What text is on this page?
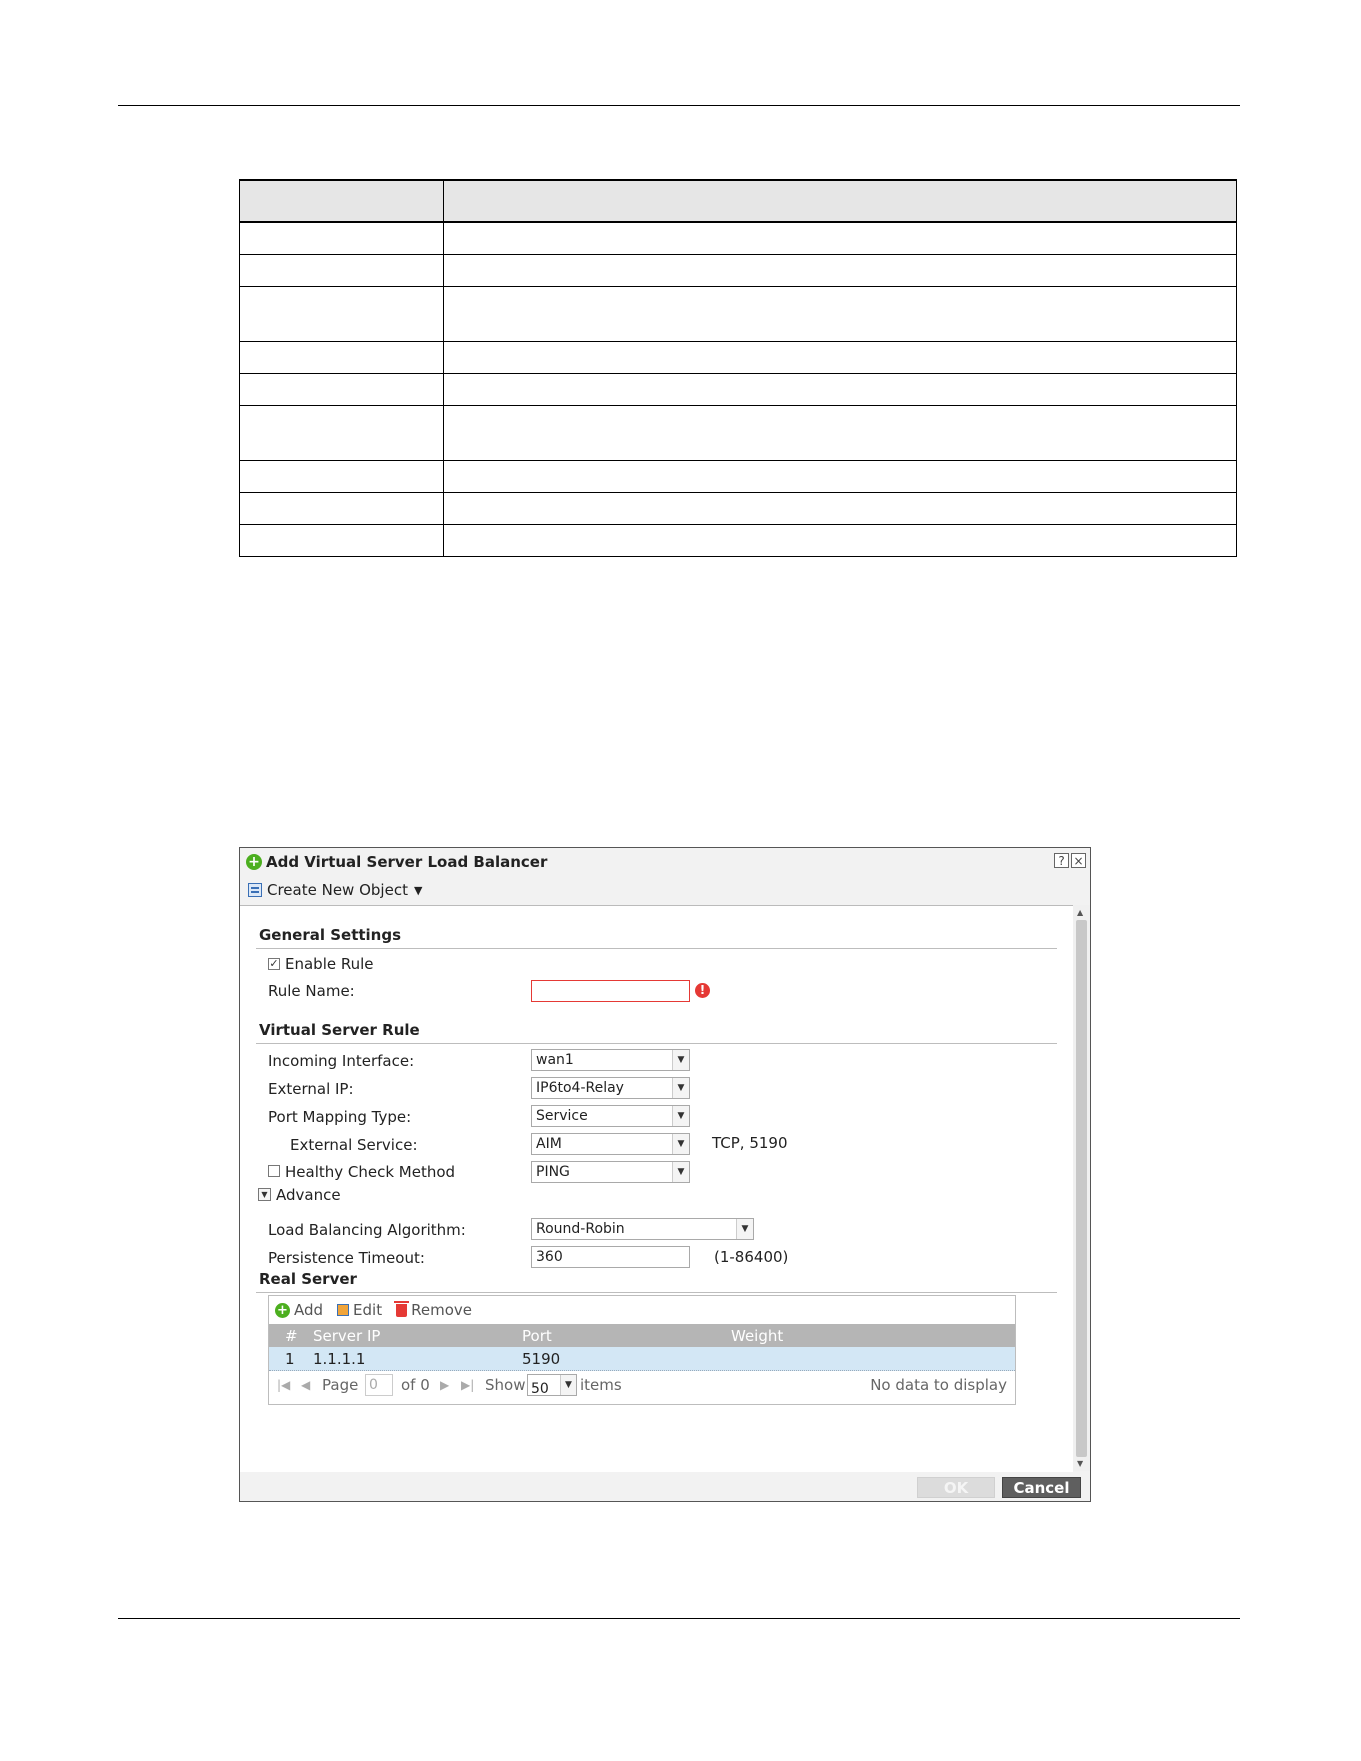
+ Add Virtual Server Load Balancer	? ×
Create New Object ▼
General Settings
✓ Enable Rule
Rule Name:	!
Virtual Server Rule
Incoming Interface:	wan1	▼
External IP:	IP6to4-Relay	▼
Port Mapping Type:	Service	▼
External Service:	AIM	▼	TCP, 5190
Healthy Check Method	PING	▼
▼ Advance
Load Balancing Algorithm:	Round-Robin	▼
Persistence Timeout:	360	(1-86400)
Real Server
+ Add Edit Remove
# Server IP	Port	Weight
1 1.1.1.1	5190
|◀ ◀ Page 0	of 0 ▶ ▶| Show 50	▼ items	No data to display
▲
▼
OK	Cancel
